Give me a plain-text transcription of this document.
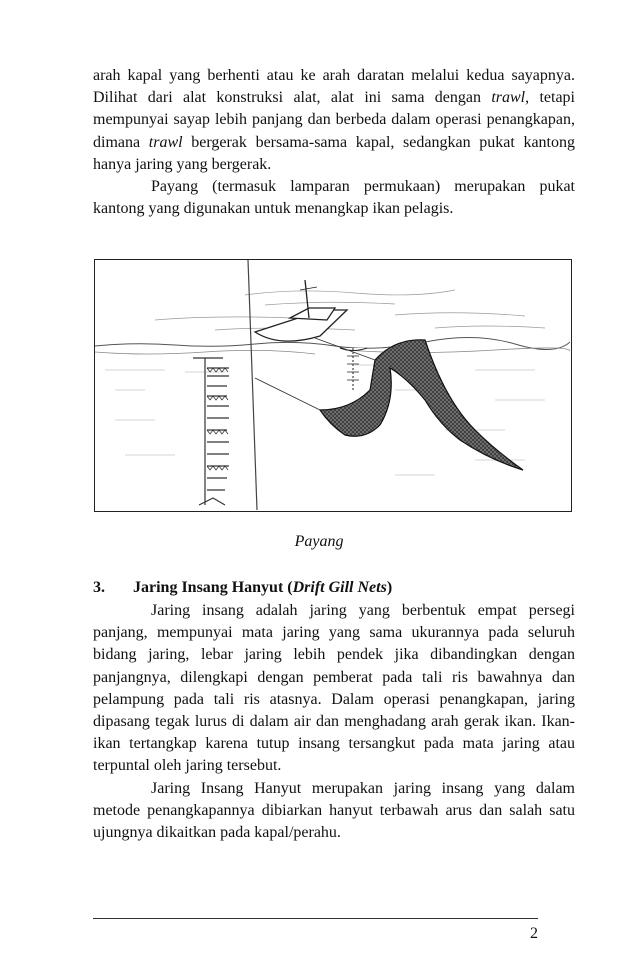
arah kapal yang berhenti atau ke arah daratan melalui kedua sayapnya. Dilihat dari alat konstruksi alat, alat ini sama dengan trawl, tetapi mempunyai sayap lebih panjang dan berbeda dalam operasi penangkapan, dimana trawl bergerak bersama-sama kapal, sedangkan pukat kantong hanya jaring yang bergerak.

Payang (termasuk lamparan permukaan) merupakan pukat kantong yang digunakan untuk menangkap ikan pelagis.

Payang
3. Jaring Insang Hanyut (Drift Gill Nets)

Jaring insang adalah jaring yang berbentuk empat persegi panjang, mempunyai mata jaring yang sama ukurannya pada seluruh bidang jaring, lebar jaring lebih pendek jika dibandingkan dengan panjangnya, dilengkapi dengan pemberat pada tali ris bawahnya dan pelampung pada tali ris atasnya. Dalam operasi penangkapan, jaring dipasang tegak lurus di dalam air dan menghadang arah gerak ikan. Ikan-ikan tertangkap karena tutup insang tersangkut pada mata jaring atau terpuntal oleh jaring tersebut.

Jaring Insang Hanyut merupakan jaring insang yang dalam metode penangkapannya dibiarkan hanyut terbawah arus dan salah satu ujungnya dikaitkan pada kapal/perahu.

2
